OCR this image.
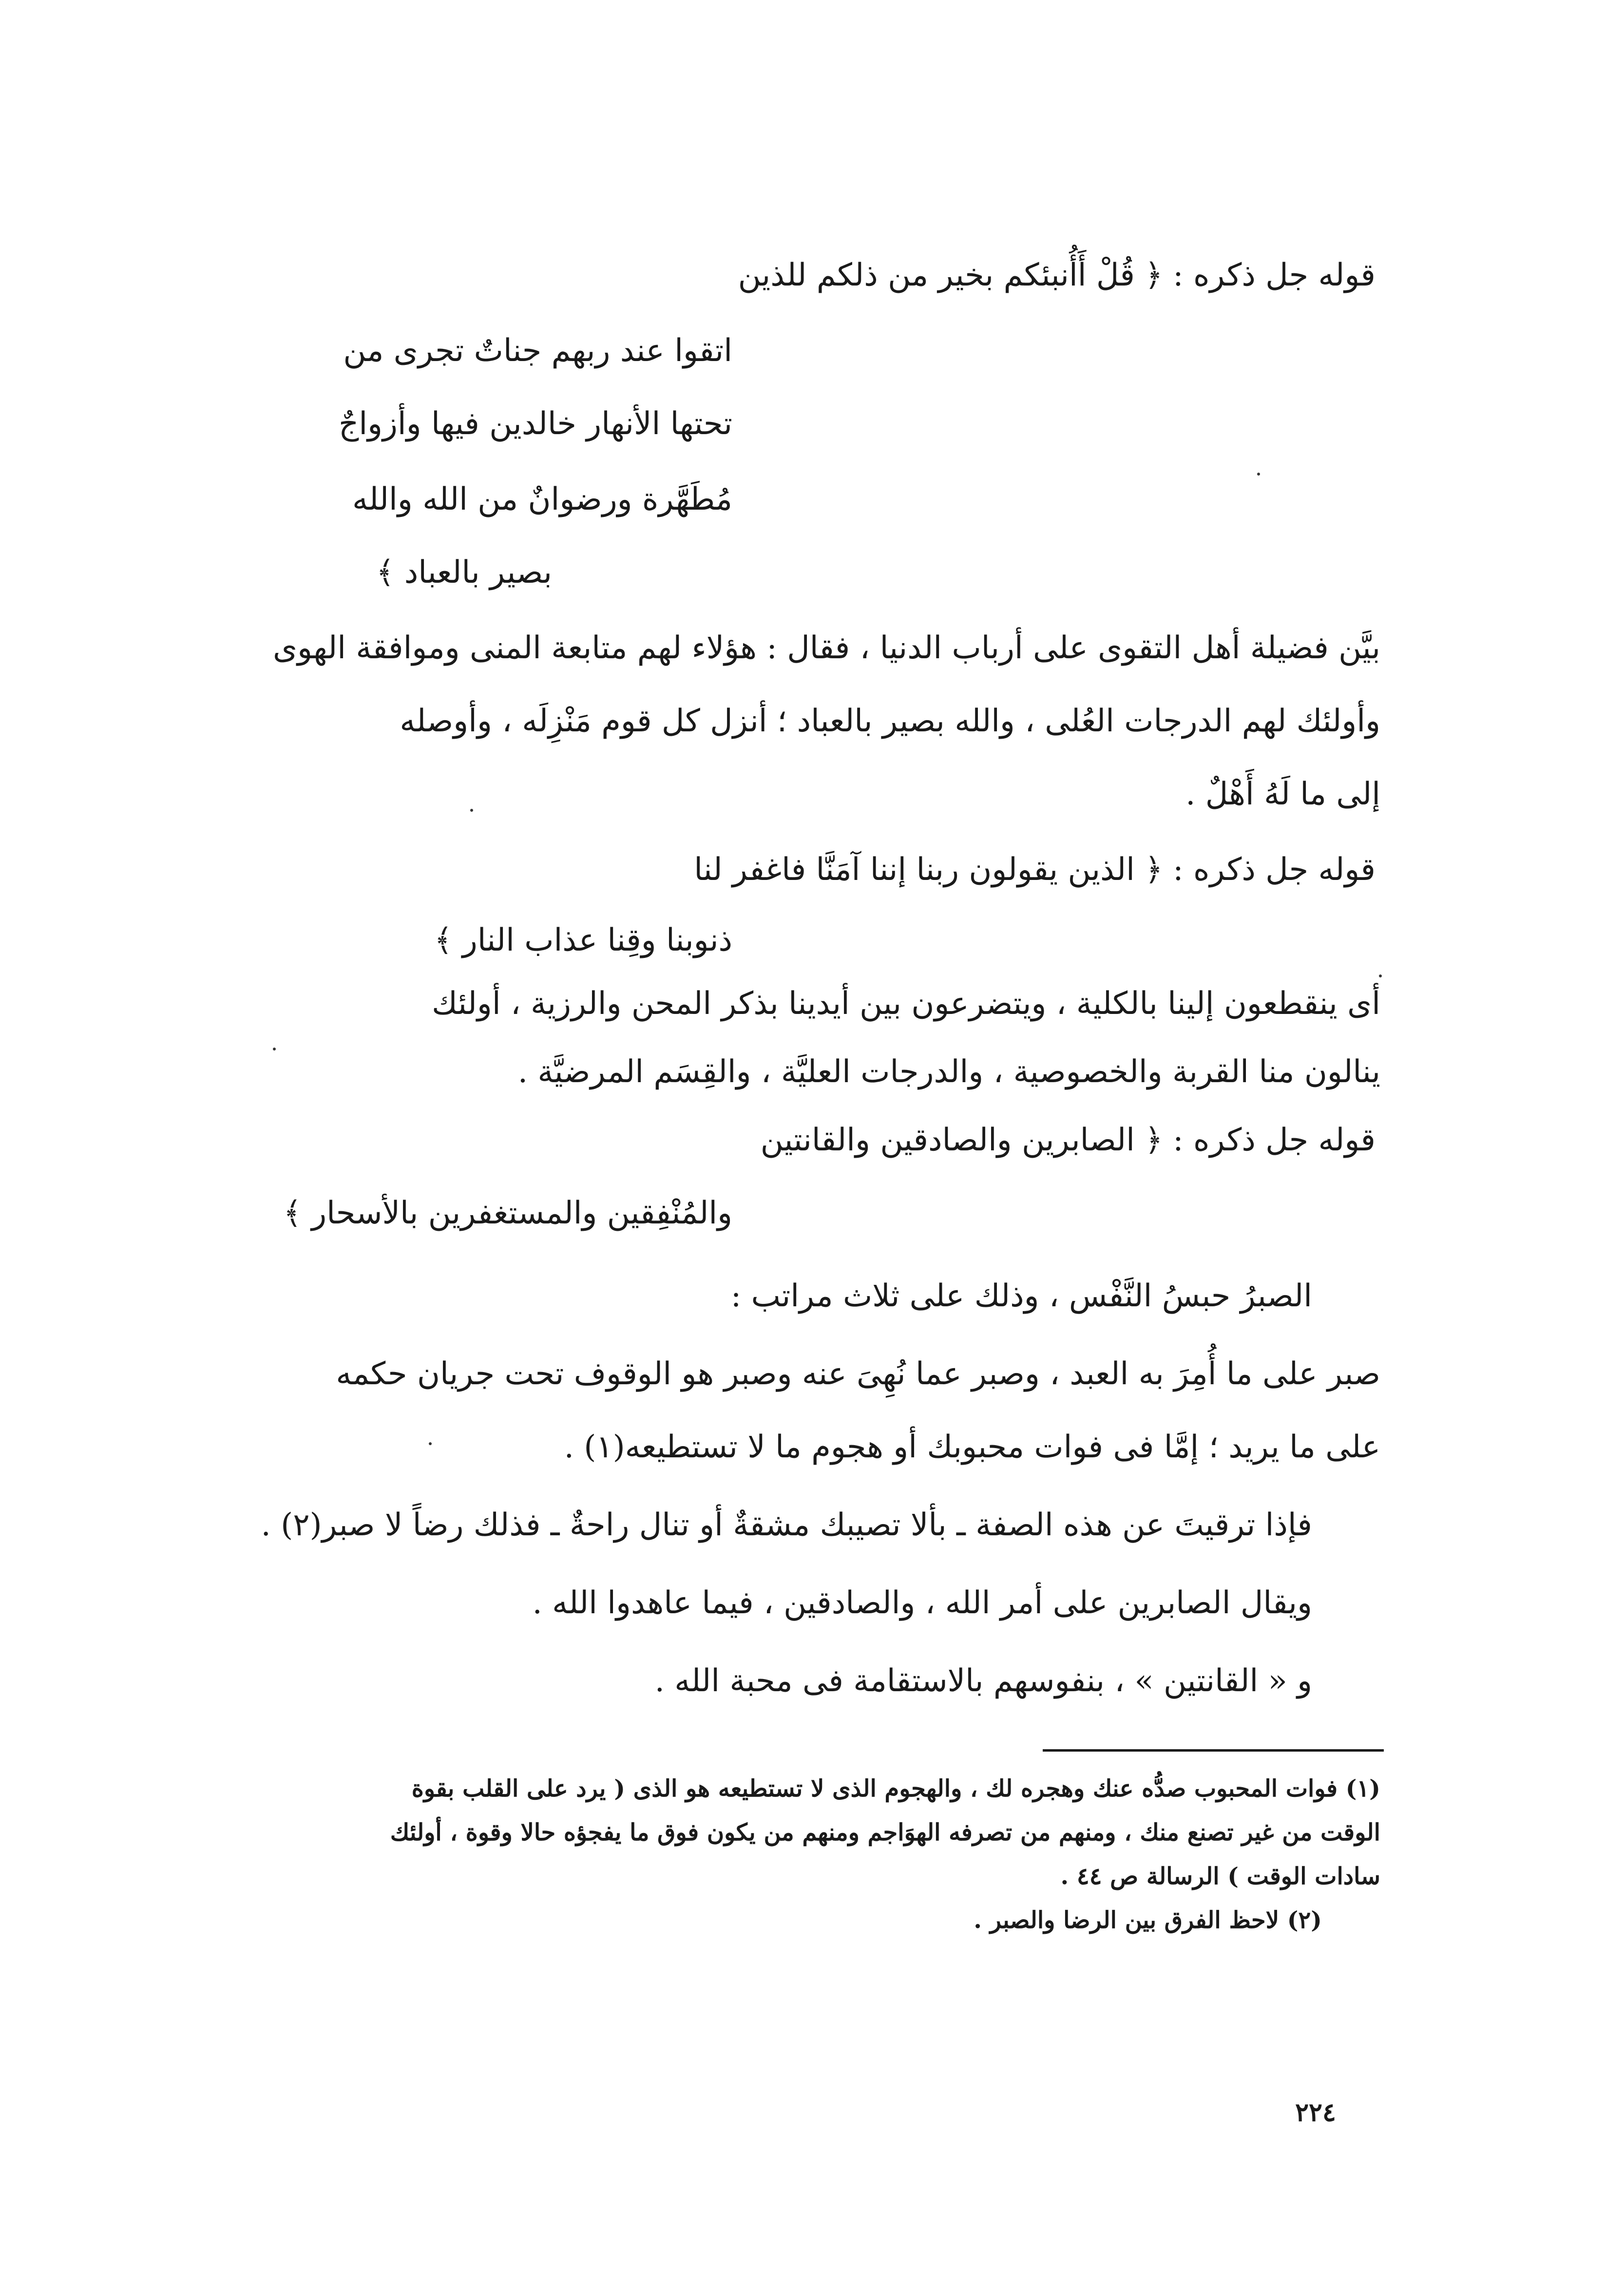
قوله جل ذكره : ﴿ قُلْ أَأُنبئكم بخير من ذلكم للذين
اتقوا عند ربهم جناتٌ تجرى من
تحتها الأنهار خالدين فيها وأزواجٌ
مُطَهَّرة ورضوانٌ من الله والله
بصير بالعباد ﴾
بيَّن فضيلة أهل التقوى على أرباب الدنيا ، فقال : هؤلاء لهم متابعة المنى وموافقة الهوى
وأولئك لهم الدرجات العُلى ، والله بصير بالعباد ؛ أنزل كل قوم مَنْزِلَه ، وأوصله
إلى ما لَهُ أَهْلٌ .
قوله جل ذكره : ﴿ الذين يقولون ربنا إننا آمَنَّا فاغفر لنا
ذنوبنا وقِنا عذاب النار ﴾
أى ينقطعون إلينا بالكلية ، ويتضرعون بين أيدينا بذكر المحن والرزية ، أولئك
ينالون منا القربة والخصوصية ، والدرجات العليَّة ، والقِسَم المرضيَّة .
قوله جل ذكره : ﴿ الصابرين والصادقين والقانتين
والمُنْفِقين والمستغفرين بالأسحار ﴾
الصبرُ حبسُ النَّفْس ، وذلك على ثلاث مراتب :
صبر على ما أُمِرَ به العبد ، وصبر عما نُهِىَ عنه وصبر هو الوقوف تحت جريان حكمه
على ما يريد ؛ إمَّا فى فوات محبوبك أو هجوم ما لا تستطيعه(١) .
فإذا ترقيتَ عن هذه الصفة ـ بألا تصيبك مشقةٌ أو تنال راحةٌ ـ فذلك رضاً لا صبر(٢) .
ويقال الصابرين على أمر الله ، والصادقين ، فيما عاهدوا الله .
و « القانتين » ، بنفوسهم بالاستقامة فى محبة الله .
(١) فوات المحبوب صدُّه عنك وهجره لك ، والهجوم الذى لا تستطيعه هو الذى ( يرد على القلب بقوة
الوقت من غير تصنع منك ، ومنهم من تصرفه الهوَاجم ومنهم من يكون فوق ما يفجؤه حالا وقوة ، أولئك
سادات الوقت ) الرسالة ص ٤٤ .
(٢) لاحظ الفرق بين الرضا والصبر .
٢٢٤
